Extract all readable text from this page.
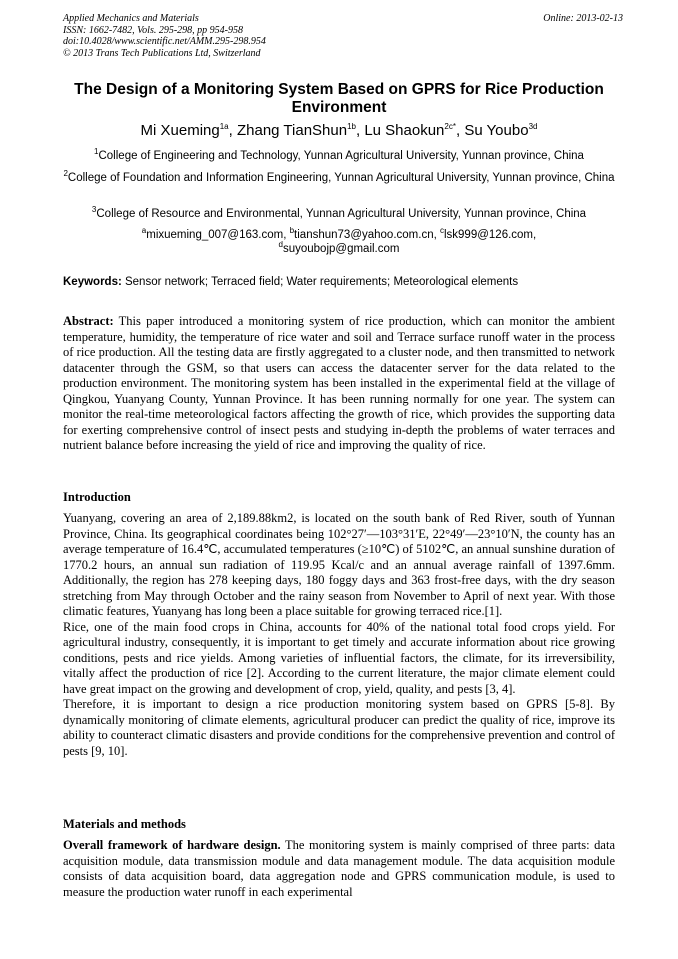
Applied Mechanics and Materials
ISSN: 1662-7482, Vols. 295-298, pp 954-958
doi:10.4028/www.scientific.net/AMM.295-298.954
© 2013 Trans Tech Publications Ltd, Switzerland
Online: 2013-02-13
The Design of a Monitoring System Based on GPRS for Rice Production Environment
Mi Xueming$^{1a}$, Zhang TianShun$^{1b}$, Lu Shaokun$^{2c*}$, Su Youbo$^{3d}$
$^1$College of Engineering and Technology, Yunnan Agricultural University, Yunnan province, China
$^2$College of Foundation and Information Engineering, Yunnan Agricultural University, Yunnan province, China
$^3$College of Resource and Environmental, Yunnan Agricultural University, Yunnan province, China
$^a$mixueming_007@163.com, $^b$tianshun73@yahoo.com.cn, $^c$lsk999@126.com,
$^d$suyoubojp@gmail.com
Keywords: Sensor network; Terraced field; Water requirements; Meteorological elements
Abstract: This paper introduced a monitoring system of rice production, which can monitor the ambient temperature, humidity, the temperature of rice water and soil and Terrace surface runoff water in the process of rice production. All the testing data are firstly aggregated to a cluster node, and then transmitted to network datacenter through the GSM, so that users can access the datacenter server for the data related to the production environment. The monitoring system has been installed in the experimental field at the village of Qingkou, Yuanyang County, Yunnan Province. It has been running normally for one year. The system can monitor the real-time meteorological factors affecting the growth of rice, which provides the supporting data for exerting comprehensive control of insect pests and studying in-depth the problems of water terraces and nutrient balance before increasing the yield of rice and improving the quality of rice.
Introduction

Yuanyang, covering an area of 2,189.88km2, is located on the south bank of Red River, south of Yunnan Province, China. Its geographical coordinates being 102°27′—103°31′E, 22°49′—23°10′N, the county has an average temperature of 16.4℃, accumulated temperatures (≥10℃) of 5102℃, an annual sunshine duration of 1770.2 hours, an annual sun radiation of 119.95 Kcal/c and an annual average rainfall of 1397.6mm. Additionally, the region has 278 keeping days, 180 foggy days and 363 frost-free days, with the dry season stretching from May through October and the rainy season from November to April of next year. With those climatic features, Yuanyang has long been a place suitable for growing terraced rice.[1].

Rice, one of the main food crops in China, accounts for 40% of the national total food crops yield. For agricultural industry, consequently, it is important to get timely and accurate information about rice growing conditions, pests and rice yields. Among varieties of influential factors, the climate, for its irreversibility, vitally affect the production of rice [2]. According to the current literature, the major climate element could have great impact on the growing and development of crop, yield, quality, and pests [3, 4].

Therefore, it is important to design a rice production monitoring system based on GPRS [5-8]. By dynamically monitoring of climate elements, agricultural producer can predict the quality of rice, improve its ability to counteract climatic disasters and provide conditions for the comprehensive prevention and control of pests [9, 10].

Materials and methods
Overall framework of hardware design. The monitoring system is mainly comprised of three parts: data acquisition module, data transmission module and data management module. The data acquisition module consists of data acquisition board, data aggregation node and GPRS communication module, is used to measure the production water runoff in each experimental
